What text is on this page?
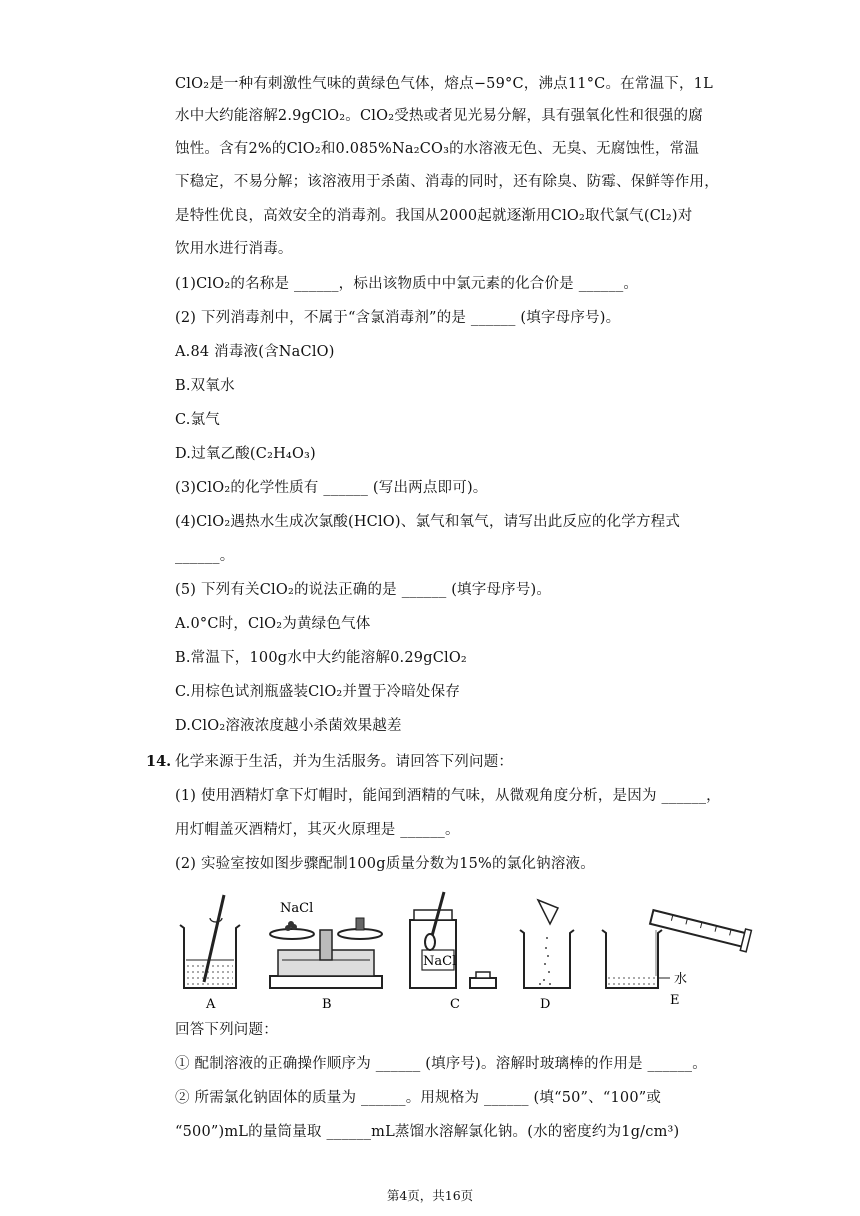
ClO₂是一种有刺激性气味的黄绿色气体，熔点−59°C，沸点11°C。在常温下，1L
水中大约能溶解2.9gClO₂。ClO₂受热或者见光易分解，具有强氧化性和很强的腐
蚀性。含有2%的ClO₂和0.085%Na₂CO₃的水溶液无色、无臭、无腐蚀性，常温
下稳定，不易分解；该溶液用于杀菌、消毒的同时，还有除臭、防霉、保鲜等作用，
是特性优良，高效安全的消毒剂。我国从2000起就逐渐用ClO₂取代氯气(Cl₂)对
饮用水进行消毒。
(1)ClO₂的名称是 ______，标出该物质中中氯元素的化合价是 ______。
(2) 下列消毒剂中，不属于“含氯消毒剂”的是 ______ (填字母序号)。
A.84 消毒液(含NaClO)
B.双氧水
C.氯气
D.过氧乙酸(C₂H₄O₃)
(3)ClO₂的化学性质有 ______ (写出两点即可)。
(4)ClO₂遇热水生成次氯酸(HClO)、氯气和氧气，请写出此反应的化学方程式
______。
(5) 下列有关ClO₂的说法正确的是 ______ (填字母序号)。
A.0°C时，ClO₂为黄绿色气体
B.常温下，100g水中大约能溶解0.29gClO₂
C.用棕色试剂瓶盛装ClO₂并置于冷暗处保存
D.ClO₂溶液浓度越小杀菌效果越差
14. 化学来源于生活，并为生活服务。请回答下列问题：
(1) 使用酒精灯拿下灯帽时，能闻到酒精的气味，从微观角度分析，是因为 ______，
用灯帽盖灭酒精灯，其灭火原理是 ______。
(2) 实验室按如图步骤配制100g质量分数为15%的氯化钠溶液。
NaCl
NaCl
水
A	B	C	D	E
回答下列问题：
① 配制溶液的正确操作顺序为 ______ (填序号)。溶解时玻璃棒的作用是 ______。
② 所需氯化钠固体的质量为 ______。用规格为 ______ (填“50”、“100”或
“500”)mL的量筒量取 ______mL蒸馏水溶解氯化钠。(水的密度约为1g/cm³)
第4页，共16页
